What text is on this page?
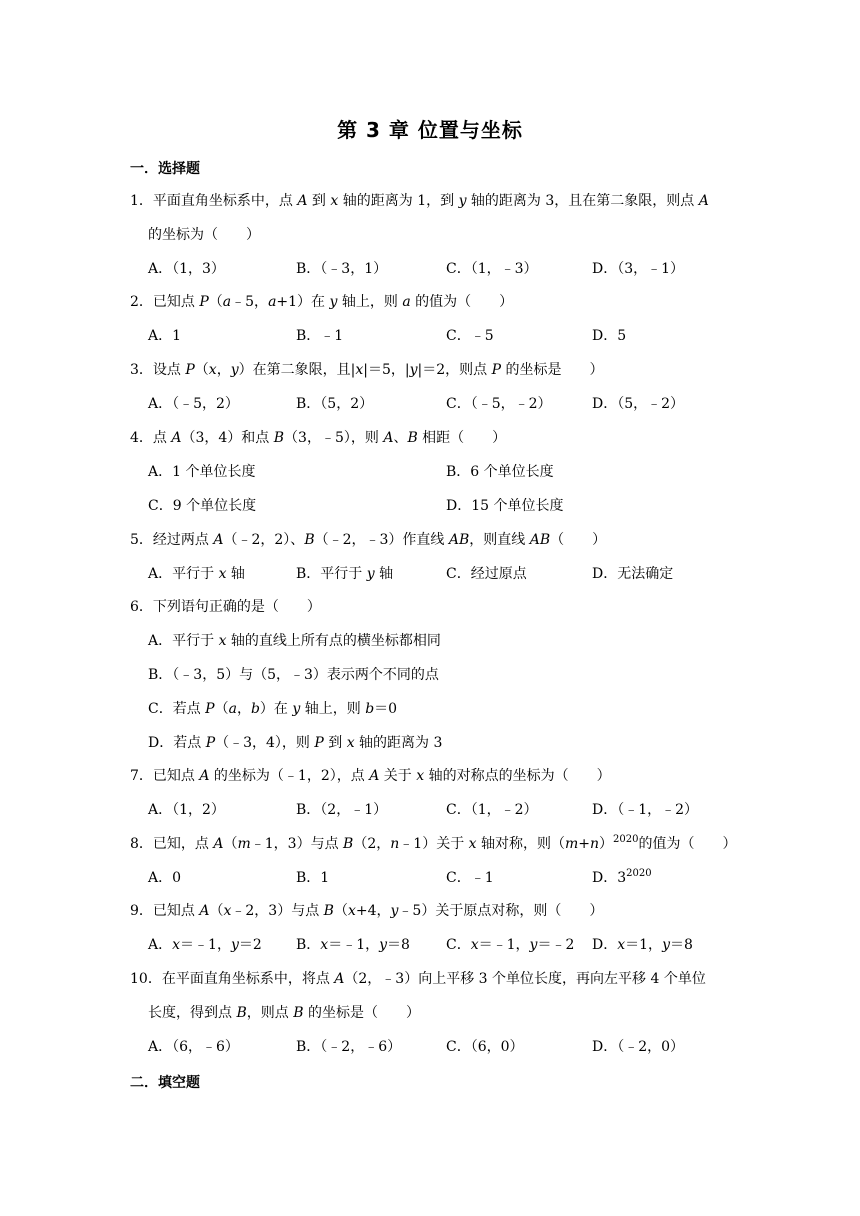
第 3 章 位置与坐标
一．选择题
1．平面直角坐标系中，点 A 到 x 轴的距离为 1，到 y 轴的距离为 3，且在第二象限，则点 A
的坐标为（　　）
A．（1，3）	B．（﹣3，1）	C．（1，﹣3）	D．（3，﹣1）
2．已知点 P（a﹣5，a+1）在 y 轴上，则 a 的值为（　　）
A．1	B．﹣1	C．﹣5	D．5
3．设点 P（x，y）在第二象限，且|x|＝5，|y|＝2，则点 P 的坐标是　　）
A．（﹣5，2）	B．（5，2）	C．（﹣5，﹣2）	D．（5，﹣2）
4．点 A（3，4）和点 B（3，﹣5），则 A、B 相距（　　）
A．1 个单位长度	B．6 个单位长度
C．9 个单位长度	D．15 个单位长度
5．经过两点 A（﹣2，2）、B（﹣2，﹣3）作直线 AB，则直线 AB（　　）
A．平行于 x 轴	B．平行于 y 轴	C．经过原点	D．无法确定
6．下列语句正确的是（　　）
A．平行于 x 轴的直线上所有点的横坐标都相同
B．（﹣3，5）与（5，﹣3）表示两个不同的点
C．若点 P（a，b）在 y 轴上，则 b＝0
D．若点 P（﹣3，4），则 P 到 x 轴的距离为 3
7．已知点 A 的坐标为（﹣1，2），点 A 关于 x 轴的对称点的坐标为（　　）
A．（1，2）	B．（2，﹣1）	C．（1，﹣2）	D．（﹣1，﹣2）
8．已知，点 A（m﹣1，3）与点 B（2，n﹣1）关于 x 轴对称，则$(m+n)^{2020}$的值为（　　）
A．0	B．1	C．﹣1	D．$3^{2020}$
9．已知点 A（x﹣2，3）与点 B（x+4，y﹣5）关于原点对称，则（　　）
A．x＝﹣1，y＝2 B．x＝﹣1，y＝8	C．x＝﹣1，y＝﹣2 D．x＝1，y＝8
10．在平面直角坐标系中，将点 A（2，﹣3）向上平移 3 个单位长度，再向左平移 4 个单位
长度，得到点 B，则点 B 的坐标是（　　）
A．（6，﹣6）	B．（﹣2，﹣6）	C．（6，0）	D．（﹣2，0）
二．填空题
